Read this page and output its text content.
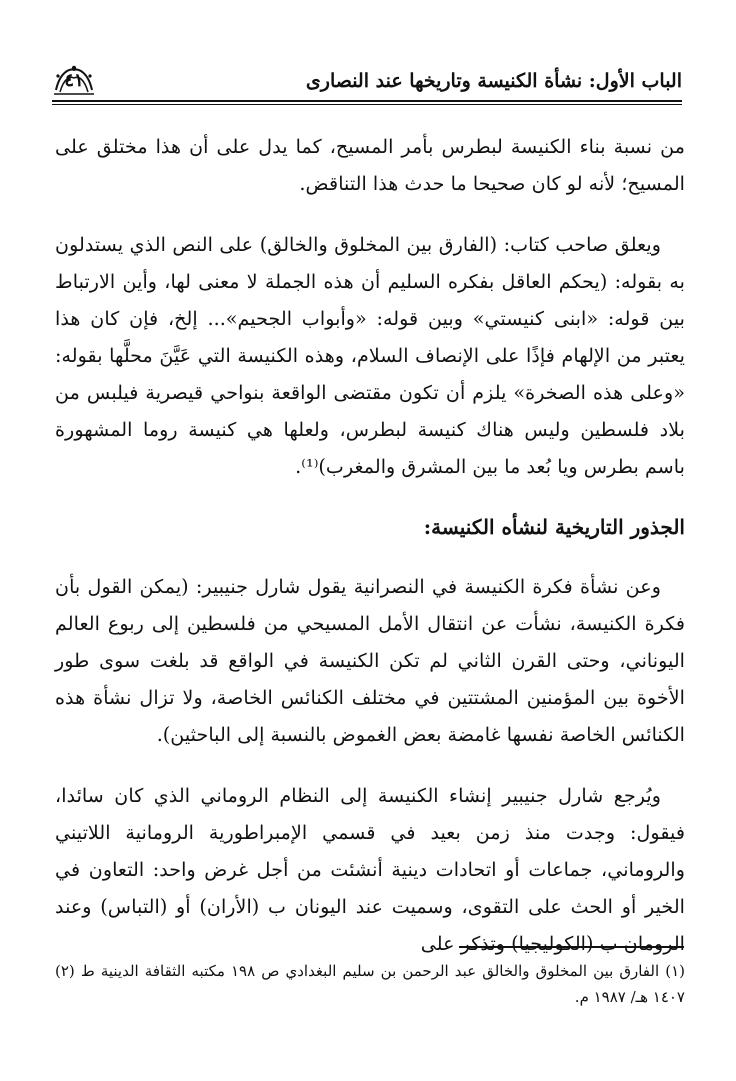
الباب الأول: نشأة الكنيسة وتاريخها عند النصارى
٤١

من نسبة بناء الكنيسة لبطرس بأمر المسيح، كما يدل على أن هذا مختلق على المسيح؛ لأنه لو كان صحيحا ما حدث هذا التناقض.

ويعلق صاحب كتاب: (الفارق بين المخلوق والخالق) على النص الذي يستدلون به بقوله: (يحكم العاقل بفكره السليم أن هذه الجملة لا معنى لها، وأين الارتباط بين قوله: «ابنى كنيستي» وبين قوله: «وأبواب الجحيم»... إلخ، فإن كان هذا يعتبر من الإلهام فإذًا على الإنصاف السلام، وهذه الكنيسة التي عَيَّنَ محلَّها بقوله: «وعلى هذه الصخرة» يلزم أن تكون مقتضى الواقعة بنواحي قيصرية فيلبس من بلاد فلسطين وليس هناك كنيسة لبطرس، ولعلها هي كنيسة روما المشهورة باسم بطرس ويا بُعد ما بين المشرق والمغرب)⁽¹⁾.

الجذور التاريخية لنشأه الكنيسة:

وعن نشأة فكرة الكنيسة في النصرانية يقول شارل جنيبير: (يمكن القول بأن فكرة الكنيسة، نشأت عن انتقال الأمل المسيحي من فلسطين إلى ربوع العالم اليوناني، وحتى القرن الثاني لم تكن الكنيسة في الواقع قد بلغت سوى طور الأخوة بين المؤمنين المشتتين في مختلف الكنائس الخاصة، ولا تزال نشأة هذه الكنائس الخاصة نفسها غامضة بعض الغموض بالنسبة إلى الباحثين).

ويُرجع شارل جنيبير إنشاء الكنيسة إلى النظام الروماني الذي كان سائدا، فيقول: وجدت منذ زمن بعيد في قسمي الإمبراطورية الرومانية اللاتيني والروماني، جماعات أو اتحادات دينية أنشئت من أجل غرض واحد: التعاون في الخير أو الحث على التقوى، وسميت عند اليونان ب (الأران) أو (التباس) وعند الرومان ب (الكوليجيا) وتذكر على

(١) الفارق بين المخلوق والخالق عبد الرحمن بن سليم البغدادي ص ١٩٨ مكتبه الثقافة الدينية ط (٢) ١٤٠٧ هـ/ ١٩٨٧ م.
